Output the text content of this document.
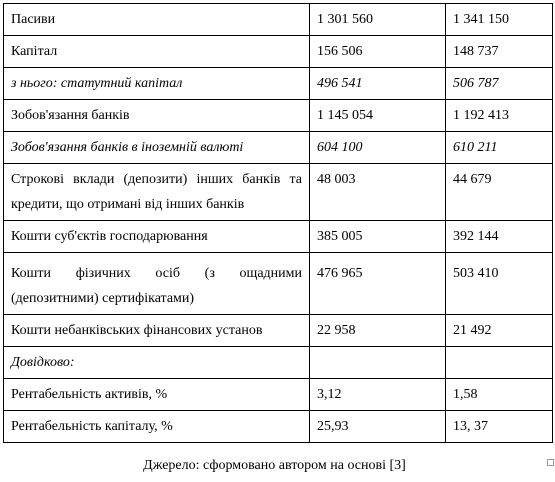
Пасиви	1 301 560	1 341 150
Капітал	156 506	148 737
з нього: статутний капітал	496 541	506 787
Зобов'язання банків	1 145 054	1 192 413
Зобов'язання банків в іноземній валюті	604 100	610 211
Строкові вклади (депозити) інших банків та кредити, що отримані від інших банків	48 003	44 679
Кошти суб'єктів господарювання	385 005	392 144
Кошти фізичних осіб (з ощадними (депозитними) сертифікатами)	476 965	503 410
Кошти небанківських фінансових установ	22 958	21 492
Довідково:		
Рентабельність активів, %	3,12	1,58
Рентабельність капіталу, %	25,93	13, 37
Джерело: сформовано автором на основі [3]
